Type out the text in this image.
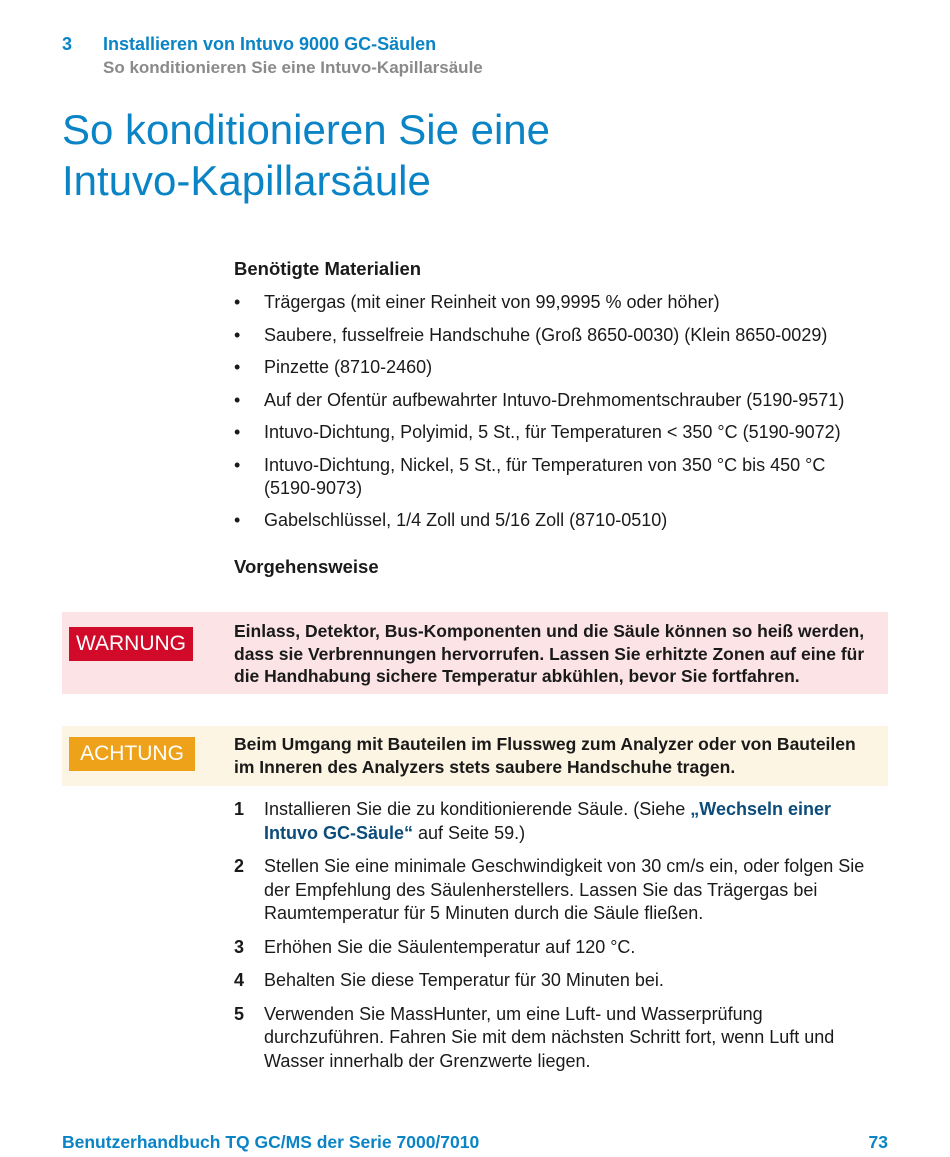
3	Installieren von Intuvo 9000 GC-Säulen
So konditionieren Sie eine Intuvo-Kapillarsäule
So konditionieren Sie eine
Intuvo-Kapillarsäule
Benötigte Materialien
• Trägergas (mit einer Reinheit von 99,9995 % oder höher)
• Saubere, fusselfreie Handschuhe (Groß 8650-0030) (Klein 8650-0029)
• Pinzette (8710-2460)
• Auf der Ofentür aufbewahrter Intuvo-Drehmomentschrauber (5190-9571)
• Intuvo-Dichtung, Polyimid, 5 St., für Temperaturen < 350 °C (5190-9072)
• Intuvo-Dichtung, Nickel, 5 St., für Temperaturen von 350 °C bis 450 °C (5190-9073)
• Gabelschlüssel, 1/4 Zoll und 5/16 Zoll (8710-0510)
Vorgehensweise
WARNUNG
Einlass, Detektor, Bus-Komponenten und die Säule können so heiß werden, dass sie Verbrennungen hervorrufen. Lassen Sie erhitzte Zonen auf eine für die Handhabung sichere Temperatur abkühlen, bevor Sie fortfahren.
ACHTUNG	Beim Umgang mit Bauteilen im Flussweg zum Analyzer oder von Bauteilen im Inneren des Analyzers stets saubere Handschuhe tragen.
1 Installieren Sie die zu konditionierende Säule. (Siehe „Wechseln einer Intuvo GC-Säule“ auf Seite 59.)
2 Stellen Sie eine minimale Geschwindigkeit von 30 cm/s ein, oder folgen Sie der Empfehlung des Säulenherstellers. Lassen Sie das Trägergas bei Raumtemperatur für 5 Minuten durch die Säule fließen.
3 Erhöhen Sie die Säulentemperatur auf 120 °C.
4 Behalten Sie diese Temperatur für 30 Minuten bei.
5 Verwenden Sie MassHunter, um eine Luft- und Wasserprüfung durchzuführen. Fahren Sie mit dem nächsten Schritt fort, wenn Luft und Wasser innerhalb der Grenzwerte liegen.
Benutzerhandbuch TQ GC/MS der Serie 7000/7010	73
